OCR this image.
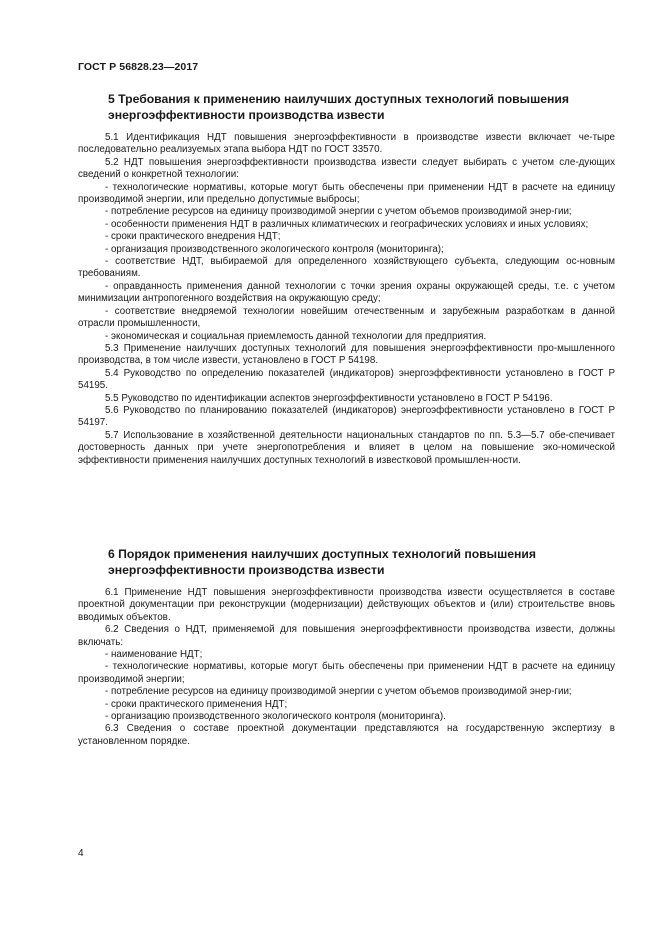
ГОСТ Р 56828.23—2017
5 Требования к применению наилучших доступных технологий повышения энергоэффективности производства извести

5.1 Идентификация НДТ повышения энергоэффективности в производстве извести включает че-тыре последовательно реализуемых этапа выбора НДТ по ГОСТ 33570.

5.2 НДТ повышения энергоэффективности производства извести следует выбирать с учетом сле-дующих сведений о конкретной технологии:

- технологические нормативы, которые могут быть обеспечены при применении НДТ в расчете на единицу производимой энергии, или предельно допустимые выбросы;

- потребление ресурсов на единицу производимой энергии с учетом объемов производимой энер-гии;

- особенности применения НДТ в различных климатических и географических условиях и иных условиях;

- сроки практического внедрения НДТ;

- организация производственного экологического контроля (мониторинга);

- соответствие НДТ, выбираемой для определенного хозяйствующего субъекта, следующим ос-новным требованиям.

- оправданность применения данной технологии с точки зрения охраны окружающей среды, т.е. с учетом минимизации антропогенного воздействия на окружающую среду;

- соответствие внедряемой технологии новейшим отечественным и зарубежным разработкам в данной отрасли промышленности,

- экономическая и социальная приемлемость данной технологии для предприятия.

5.3 Применение наилучших доступных технологий для повышения энергоэффективности про-мышленного производства, в том числе извести, установлено в ГОСТ Р 54198.

5.4 Руководство по определению показателей (индикаторов) энергоэффективности установлено в ГОСТ Р 54195.

5.5 Руководство по идентификации аспектов энергоэффективности установлено в ГОСТ Р 54196.

5.6 Руководство по планированию показателей (индикаторов) энергоэффективности установлено в ГОСТ Р 54197.

5.7 Использование в хозяйственной деятельности национальных стандартов по пп. 5.3—5.7 обе-спечивает достоверность данных при учете энергопотребления и влияет в целом на повышение эко-номической эффективности применения наилучших доступных технологий в известковой промышлен-ности.

6 Порядок применения наилучших доступных технологий повышения энергоэффективности производства извести

6.1 Применение НДТ повышения энергоэффективности производства извести осуществляется в составе проектной документации при реконструкции (модернизации) действующих объектов и (или) строительстве вновь вводимых объектов.

6.2 Сведения о НДТ, применяемой для повышения энергоэффективности производства извести, должны включать:

- наименование НДТ;

- технологические нормативы, которые могут быть обеспечены при применении НДТ в расчете на единицу производимой энергии;

- потребление ресурсов на единицу производимой энергии с учетом объемов производимой энер-гии;

- сроки практического применения НДТ;

- организацию производственного экологического контроля (мониторинга).

6.3 Сведения о составе проектной документации представляются на государственную экспертизу в установленном порядке.

4
